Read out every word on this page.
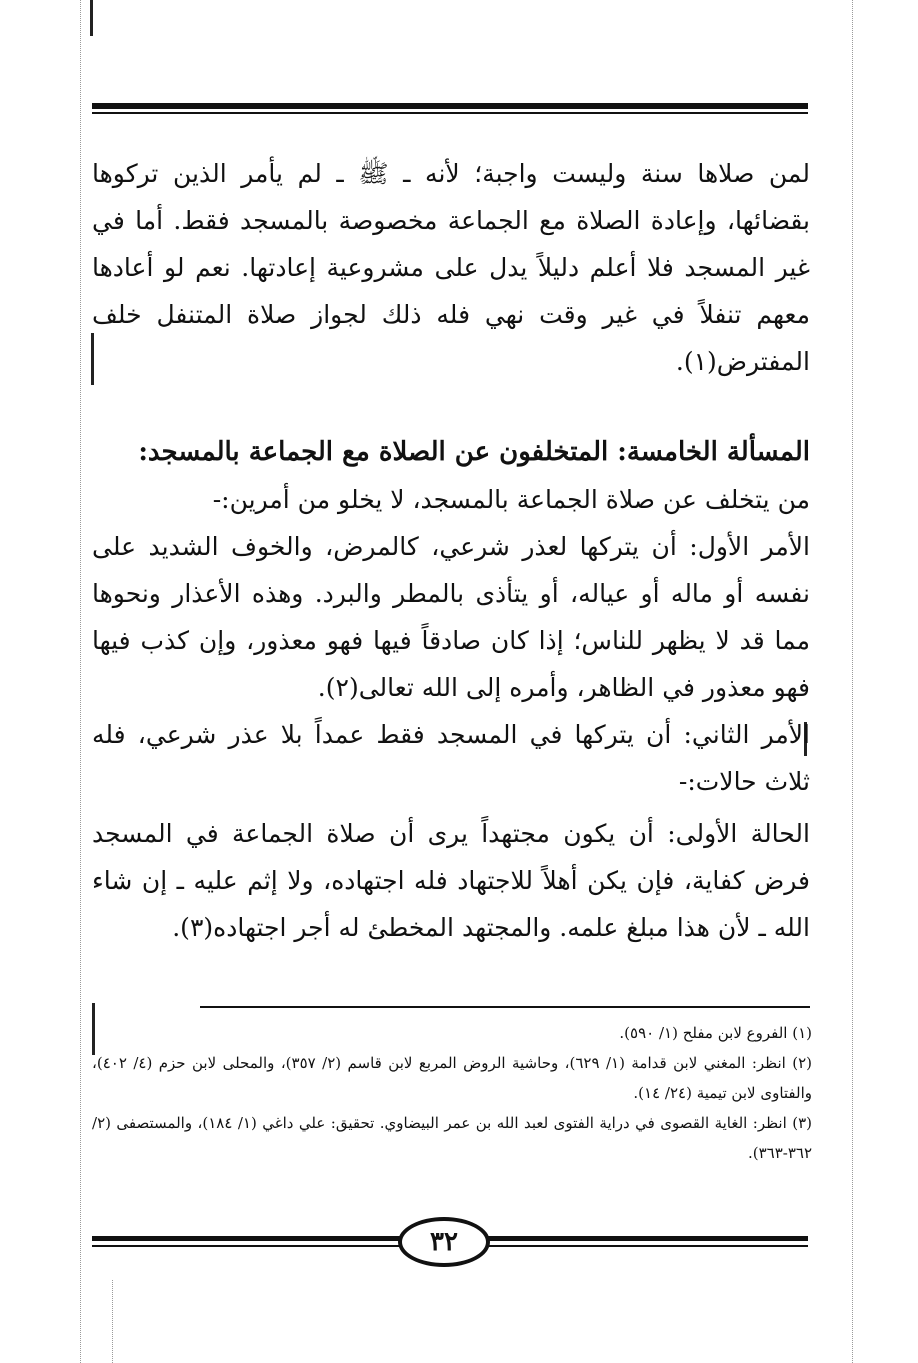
لمن صلاها سنة وليست واجبة؛ لأنه ـ ﷺ ـ لم يأمر الذين تركوها بقضائها، وإعادة الصلاة مع الجماعة مخصوصة بالمسجد فقط. أما في غير المسجد فلا أعلم دليلاً يدل على مشروعية إعادتها. نعم لو أعادها معهم تنفلاً في غير وقت نهي فله ذلك لجواز صلاة المتنفل خلف المفترض(١).

المسألة الخامسة: المتخلفون عن الصلاة مع الجماعة بالمسجد:

من يتخلف عن صلاة الجماعة بالمسجد، لا يخلو من أمرين:-

الأمر الأول: أن يتركها لعذر شرعي، كالمرض، والخوف الشديد على نفسه أو ماله أو عياله، أو يتأذى بالمطر والبرد. وهذه الأعذار ونحوها مما قد لا يظهر للناس؛ إذا كان صادقاً فيها فهو معذور، وإن كذب فيها فهو معذور في الظاهر، وأمره إلى الله تعالى(٢).

الأمر الثاني: أن يتركها في المسجد فقط عمداً بلا عذر شرعي، فله ثلاث حالات:-

الحالة الأولى: أن يكون مجتهداً يرى أن صلاة الجماعة في المسجد فرض كفاية، فإن يكن أهلاً للاجتهاد فله اجتهاده، ولا إثم عليه ـ إن شاء الله ـ لأن هذا مبلغ علمه. والمجتهد المخطئ له أجر اجتهاده(٣).

(١) الفروع لابن مفلح (١/ ٥٩٠).

(٢) انظر: المغني لابن قدامة (١/ ٦٢٩)، وحاشية الروض المربع لابن قاسم (٢/ ٣٥٧)، والمحلى لابن حزم (٤/ ٤٠٢)، والفتاوى لابن تيمية (٢٤/ ١٤).

(٣) انظر: الغاية القصوى في دراية الفتوى لعبد الله بن عمر البيضاوي. تحقيق: علي داغي (١/ ١٨٤)، والمستصفى (٢/ ٣٦٢-٣٦٣).

٣٢
